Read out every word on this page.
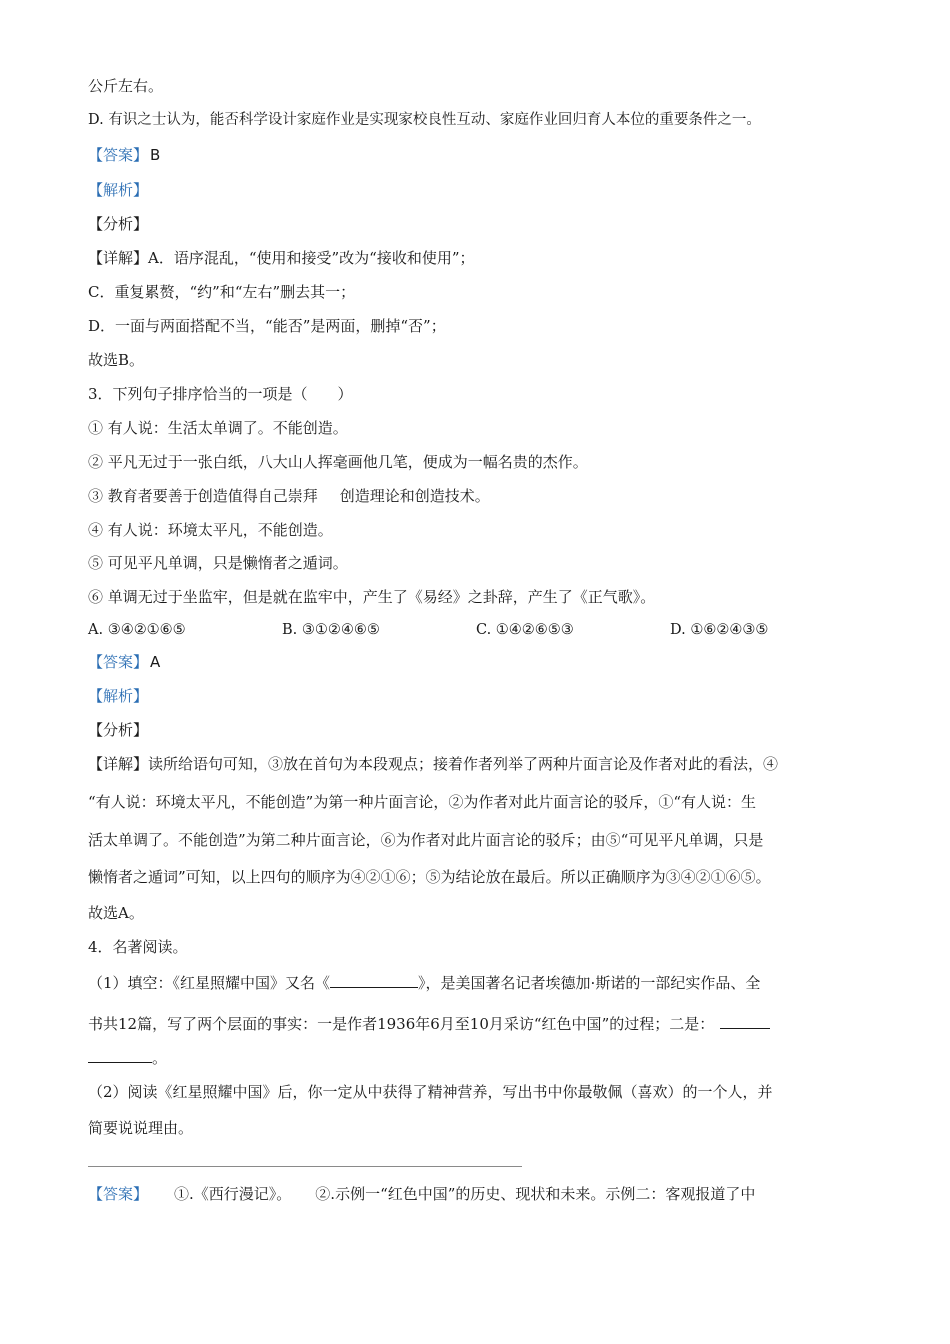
公斤左右。
D. 有识之士认为，能否科学设计家庭作业是实现家校良性互动、家庭作业回归育人本位的重要条件之一。
【答案】 B
【解析】
【分析】
【详解】A．语序混乱，“使用和接受”改为“接收和使用”；
C．重复累赘，“约”和“左右”删去其一；
D．一面与两面搭配不当，“能否”是两面，删掉“否”；
故选B。
3．下列句子排序恰当的一项是（　　）
① 有人说：生活太单调了。不能创造。
② 平凡无过于一张白纸，八大山人挥毫画他几笔，便成为一幅名贵的杰作。
③ 教育者要善于创造值得自己崇拜 创造理论和创造技术。
④ 有人说：环境太平凡，不能创造。
⑤ 可见平凡单调，只是懒惰者之遁词。
⑥ 单调无过于坐监牢，但是就在监牢中，产生了《易经》之卦辞，产生了《正气歌》。
A. ③④②①⑥⑤	B. ③①②④⑥⑤	C. ①④②⑥⑤③	D. ①⑥②④③⑤
【答案】 A
【解析】
【分析】
【详解】读所给语句可知，③放在首句为本段观点；接着作者列举了两种片面言论及作者对此的看法，④
“有人说：环境太平凡，不能创造”为第一种片面言论，②为作者对此片面言论的驳斥，①“有人说：生
活太单调了。不能创造”为第二种片面言论，⑥为作者对此片面言论的驳斥；由⑤“可见平凡单调，只是
懒惰者之遁词”可知，以上四句的顺序为④②①⑥；⑤为结论放在最后。所以正确顺序为③④②①⑥⑤。
故选A。
4．名著阅读。
（1）填空：《红星照耀中国》又名《	》，是美国著名记者埃德加·斯诺的一部纪实作品、全
书共12篇，写了两个层面的事实：一是作者1936年6月至10月采访“红色中国”的过程；二是：
。
（2）阅读《红星照耀中国》后，你一定从中获得了精神营养，写出书中你最敬佩（喜欢）的一个人，并
简要说说理由。
【答案】 ①.《西行漫记》。 ②.示例一“红色中国”的历史、现状和未来。示例二：客观报道了中
